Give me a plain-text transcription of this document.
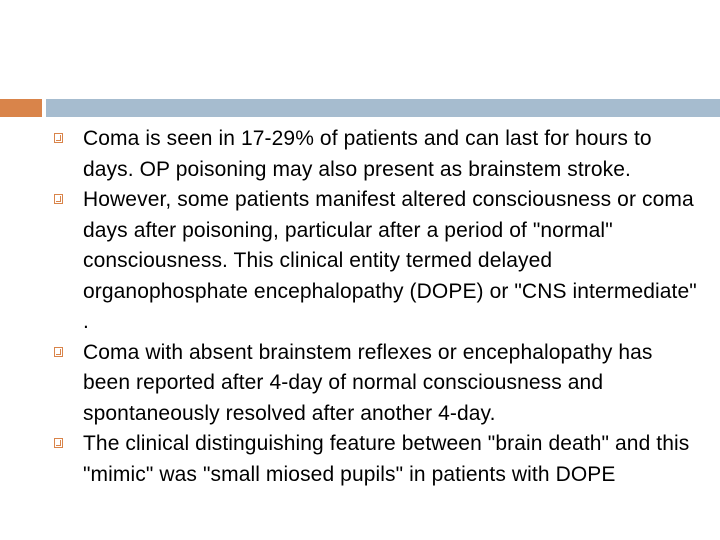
Coma is seen in 17-29% of patients and can last for hours to days. OP poisoning may also present as brainstem stroke.
However, some patients manifest altered consciousness or coma days after poisoning, particular after a period of "normal" consciousness. This clinical entity termed delayed organophosphate encephalopathy (DOPE) or "CNS intermediate" .
Coma with absent brainstem reflexes or encephalopathy has been reported after 4-day of normal consciousness and spontaneously resolved after another 4-day.
The clinical distinguishing feature between "brain death" and this "mimic" was "small miosed pupils" in patients with DOPE
